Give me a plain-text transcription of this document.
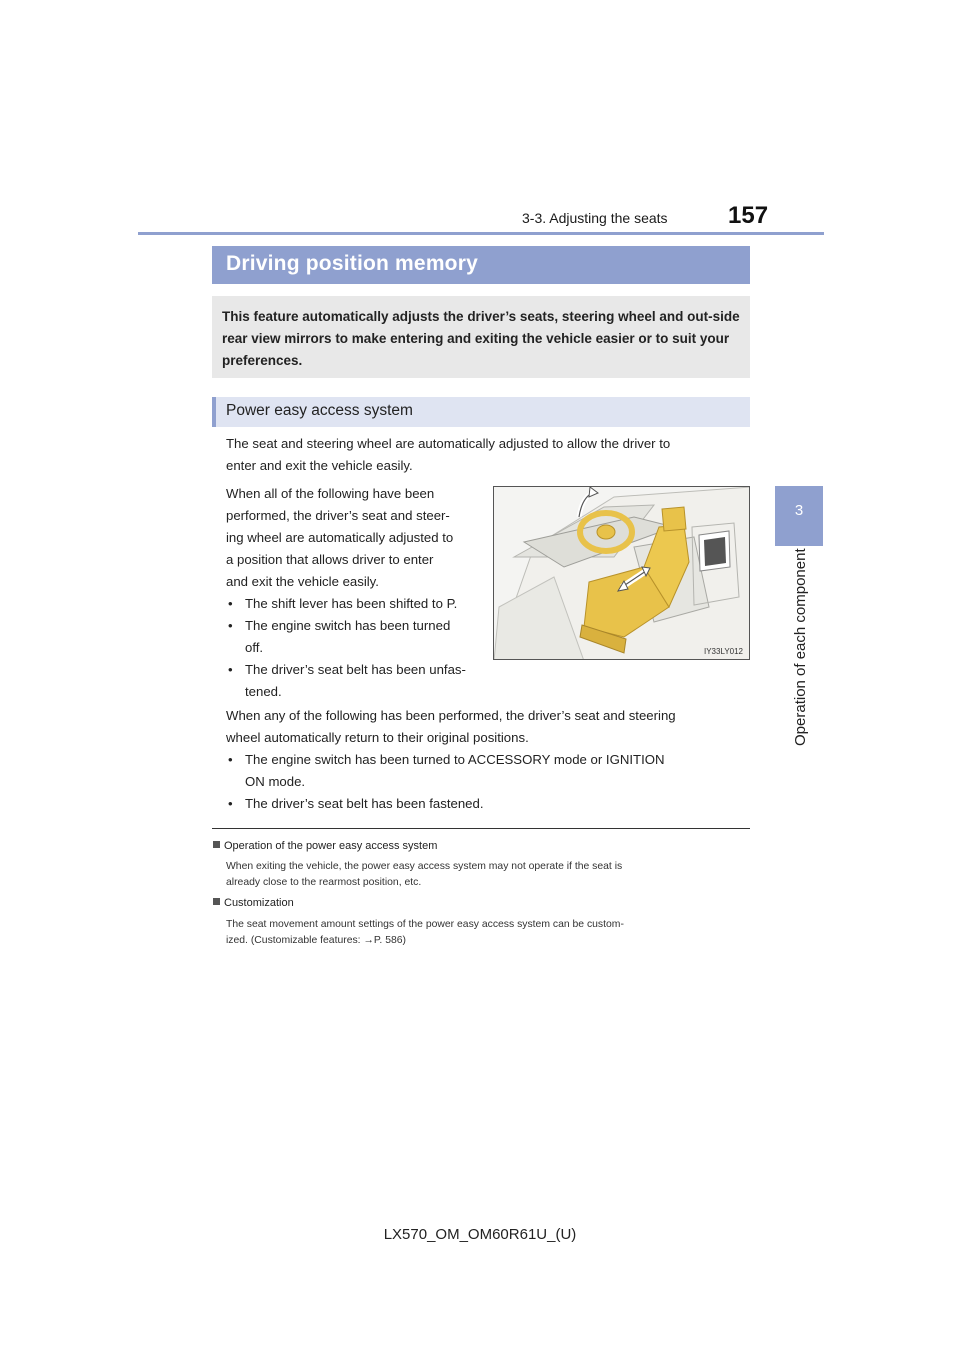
3-3. Adjusting the seats	157
3
Operation of each component
Driving position memory
This feature automatically adjusts the driver’s seats, steering wheel and out-side rear view mirrors to make entering and exiting the vehicle easier or to suit your preferences.
Power easy access system
The seat and steering wheel are automatically adjusted to allow the driver to
enter and exit the vehicle easily.
When all of the following have been
performed, the driver’s seat and steer-
ing wheel are automatically adjusted to
a position that allows driver to enter
and exit the vehicle easily.
• The shift lever has been shifted to P.
• The engine switch has been turned
off.
• The driver’s seat belt has been unfas-
tened.
IY33LY012
When any of the following has been performed, the driver’s seat and steering
wheel automatically return to their original positions.
• The engine switch has been turned to ACCESSORY mode or IGNITION
ON mode.
• The driver’s seat belt has been fastened.
Operation of the power easy access system
When exiting the vehicle, the power easy access system may not operate if the seat is
already close to the rearmost position, etc.
Customization
The seat movement amount settings of the power easy access system can be custom-
ized. (Customizable features: →P. 586)
LX570_OM_OM60R61U_(U)
